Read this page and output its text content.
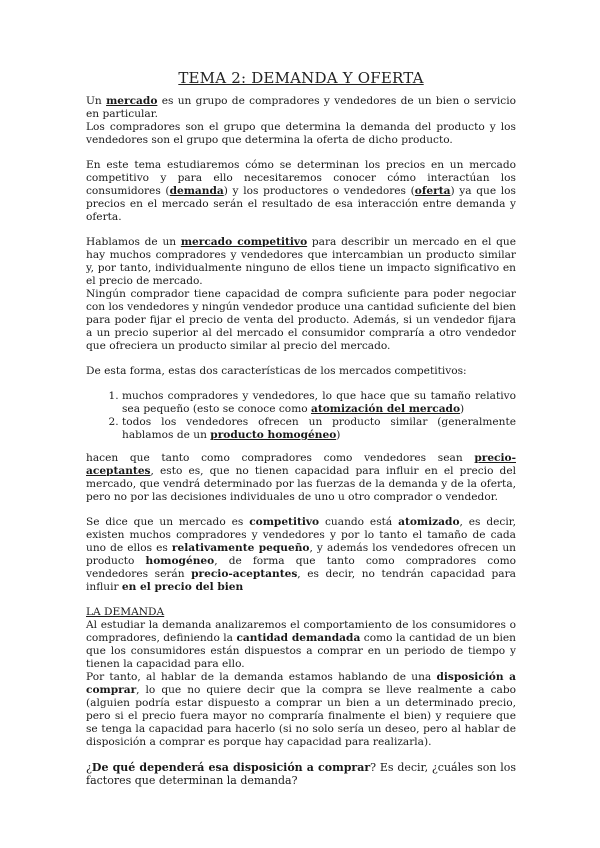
TEMA 2: DEMANDA Y OFERTA

Un mercado es un grupo de compradores y vendedores de un bien o servicio en particular.

Los compradores son el grupo que determina la demanda del producto y los vendedores son el grupo que determina la oferta de dicho producto.

En este tema estudiaremos cómo se determinan los precios en un mercado competitivo y para ello necesitaremos conocer cómo interactúan los consumidores (demanda) y los productores o vendedores (oferta) ya que los precios en el mercado serán el resultado de esa interacción entre demanda y oferta.

Hablamos de un mercado competitivo para describir un mercado en el que hay muchos compradores y vendedores que intercambian un producto similar y, por tanto, individualmente ninguno de ellos tiene un impacto significativo en el precio de mercado.

Ningún comprador tiene capacidad de compra suficiente para poder negociar con los vendedores y ningún vendedor produce una cantidad suficiente del bien para poder fijar el precio de venta del producto. Además, si un vendedor fijara a un precio superior al del mercado el consumidor compraría a otro vendedor que ofreciera un producto similar al precio del mercado.

De esta forma, estas dos características de los mercados competitivos:

1. muchos compradores y vendedores, lo que hace que su tamaño relativo sea pequeño (esto se conoce como atomización del mercado)
2. todos los vendedores ofrecen un producto similar (generalmente hablamos de un producto homogéneo)

hacen que tanto como compradores como vendedores sean precio-aceptantes, esto es, que no tienen capacidad para influir en el precio del mercado, que vendrá determinado por las fuerzas de la demanda y de la oferta, pero no por las decisiones individuales de uno u otro comprador o vendedor.

Se dice que un mercado es competitivo cuando está atomizado, es decir, existen muchos compradores y vendedores y por lo tanto el tamaño de cada uno de ellos es relativamente pequeño, y además los vendedores ofrecen un producto homogéneo, de forma que tanto como compradores como vendedores serán precio-aceptantes, es decir, no tendrán capacidad para influir en el precio del bien

LA DEMANDA

Al estudiar la demanda analizaremos el comportamiento de los consumidores o compradores, definiendo la cantidad demandada como la cantidad de un bien que los consumidores están dispuestos a comprar en un periodo de tiempo y tienen la capacidad para ello.

Por tanto, al hablar de la demanda estamos hablando de una disposición a comprar, lo que no quiere decir que la compra se lleve realmente a cabo (alguien podría estar dispuesto a comprar un bien a un determinado precio, pero si el precio fuera mayor no compraría finalmente el bien) y requiere que se tenga la capacidad para hacerlo (si no solo sería un deseo, pero al hablar de disposición a comprar es porque hay capacidad para realizarla).

¿De qué dependerá esa disposición a comprar? Es decir, ¿cuáles son los factores que determinan la demanda?
